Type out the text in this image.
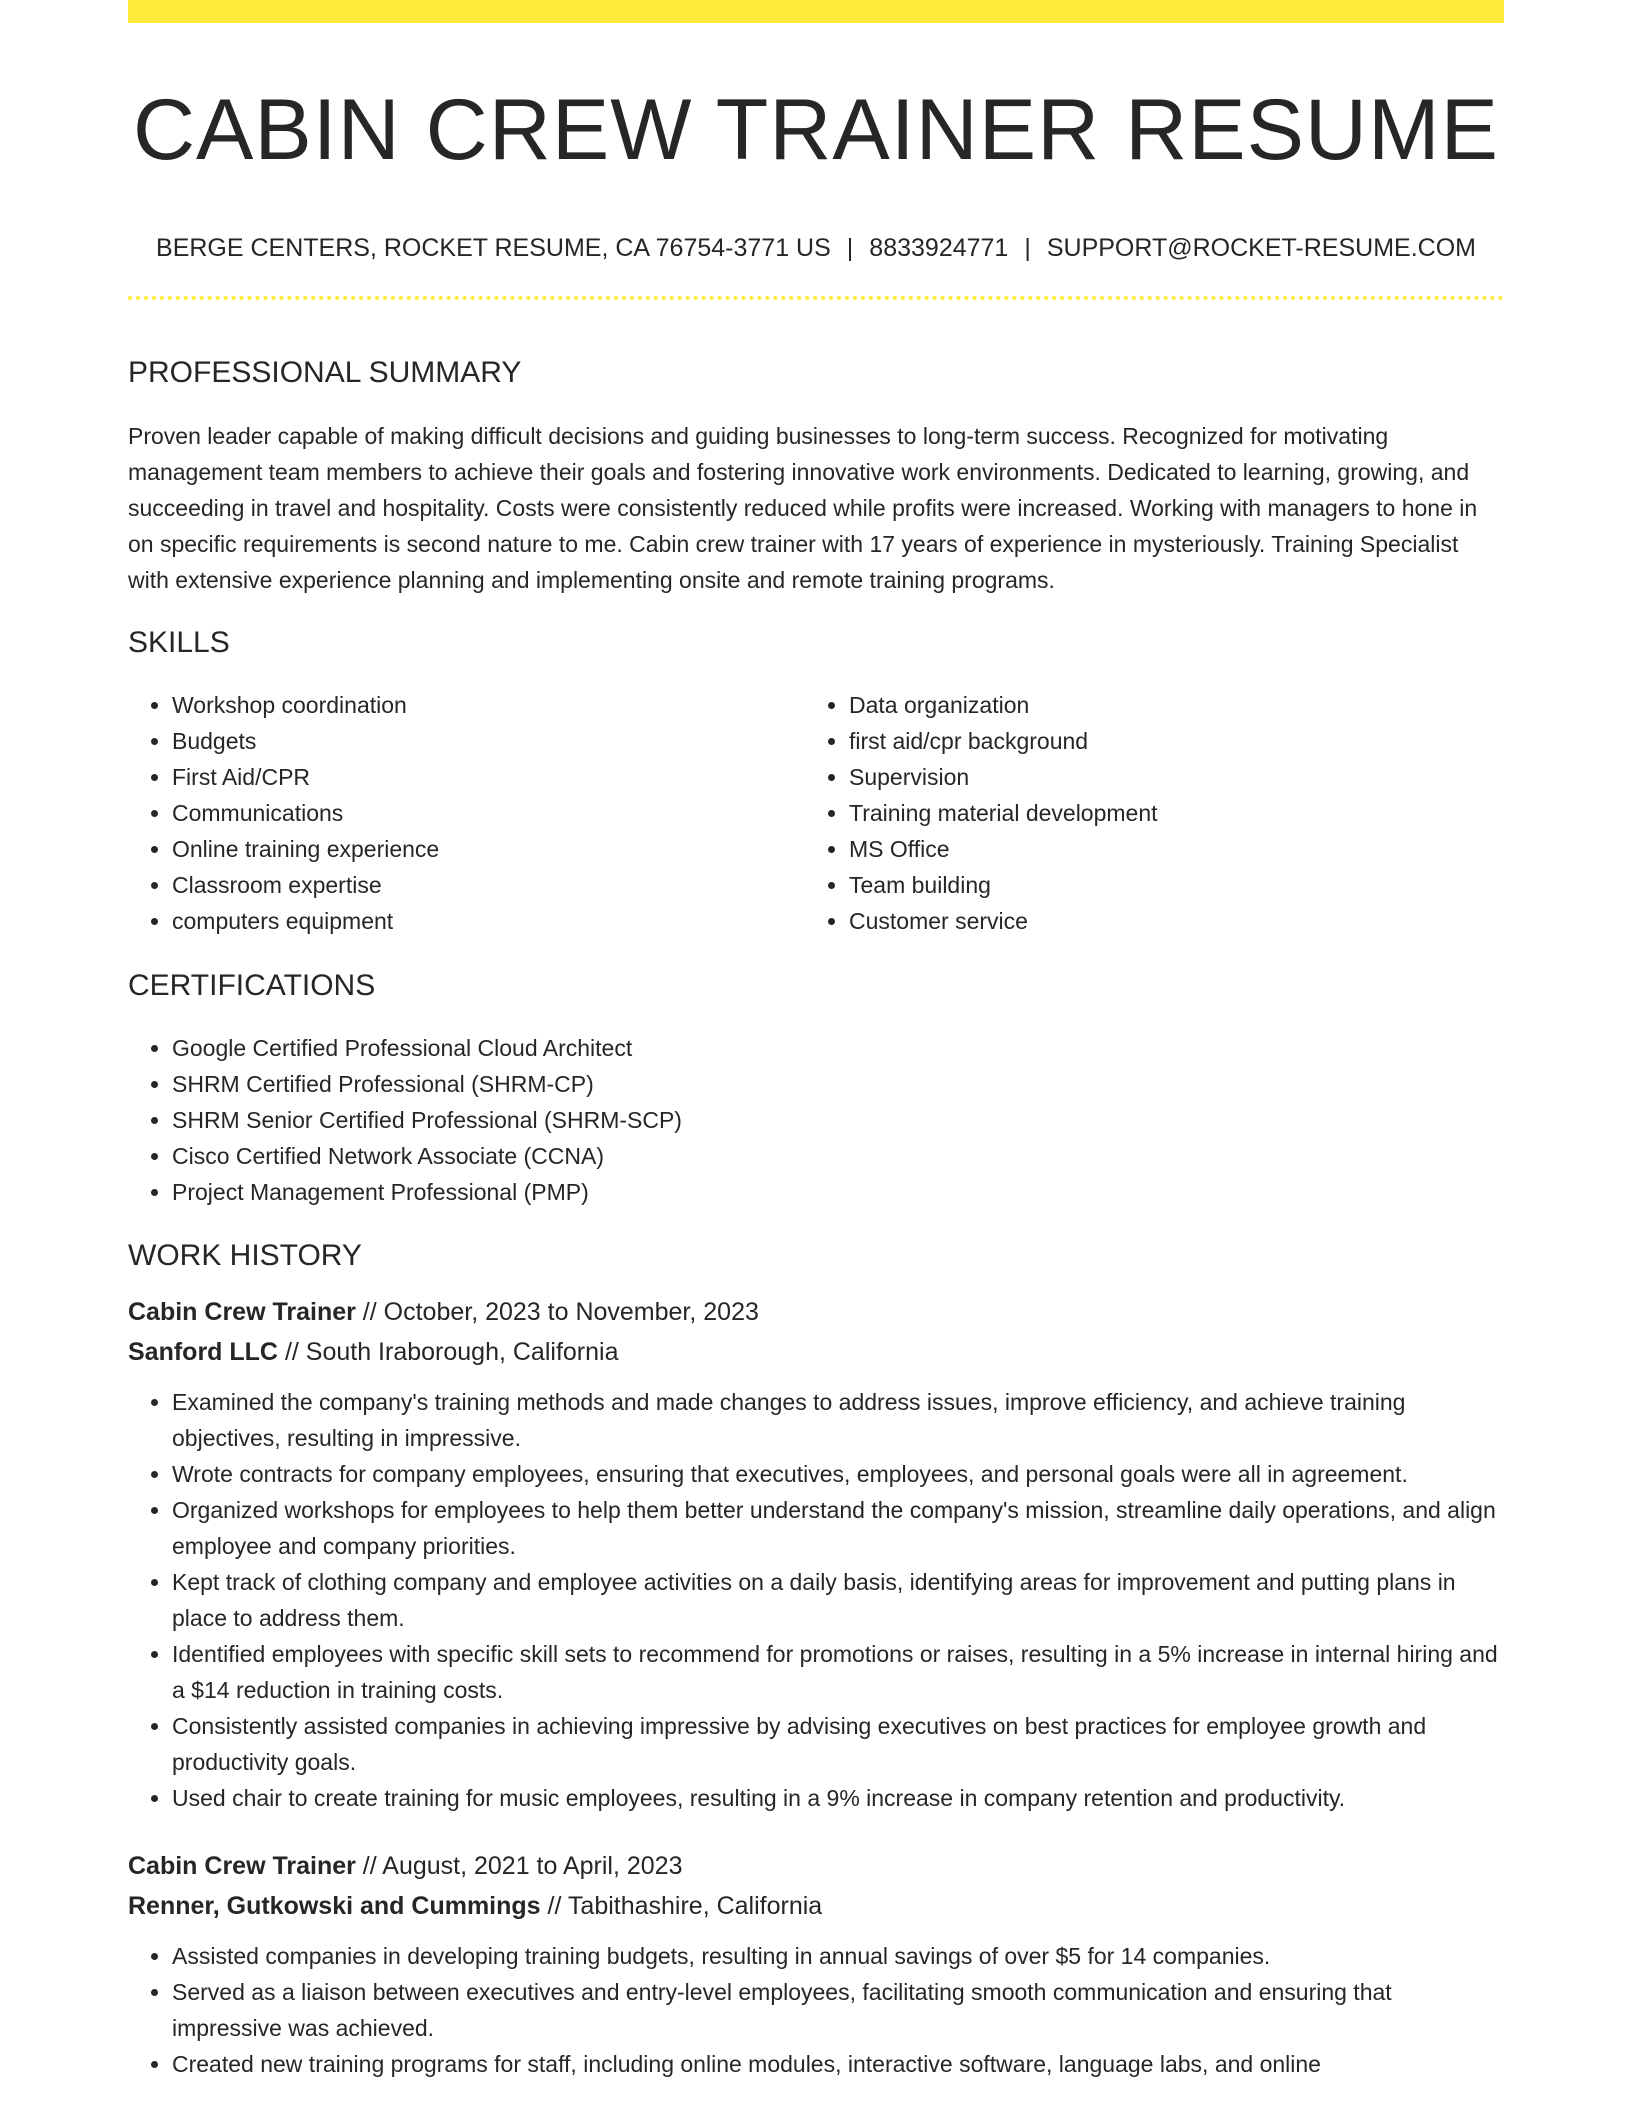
CABIN CREW TRAINER RESUME
BERGE CENTERS, ROCKET RESUME, CA 76754-3771 US | 8833924771 | SUPPORT@ROCKET-RESUME.COM
PROFESSIONAL SUMMARY

Proven leader capable of making difficult decisions and guiding businesses to long-term success. Recognized for motivating management team members to achieve their goals and fostering innovative work environments. Dedicated to learning, growing, and succeeding in travel and hospitality. Costs were consistently reduced while profits were increased. Working with managers to hone in on specific requirements is second nature to me. Cabin crew trainer with 17 years of experience in mysteriously. Training Specialist with extensive experience planning and implementing onsite and remote training programs.

SKILLS
• Workshop coordination
• Budgets
• First Aid/CPR
• Communications
• Online training experience
• Classroom expertise
• computers equipment
• Data organization
• first aid/cpr background
• Supervision
• Training material development
• MS Office
• Team building
• Customer service
CERTIFICATIONS
• Google Certified Professional Cloud Architect
• SHRM Certified Professional (SHRM-CP)
• SHRM Senior Certified Professional (SHRM-SCP)
• Cisco Certified Network Associate (CCNA)
• Project Management Professional (PMP)
WORK HISTORY
Cabin Crew Trainer // October, 2023 to November, 2023
Sanford LLC // South Iraborough, California
• Examined the company's training methods and made changes to address issues, improve efficiency, and achieve training objectives, resulting in impressive.
• Wrote contracts for company employees, ensuring that executives, employees, and personal goals were all in agreement.
• Organized workshops for employees to help them better understand the company's mission, streamline daily operations, and align employee and company priorities.
• Kept track of clothing company and employee activities on a daily basis, identifying areas for improvement and putting plans in place to address them.
• Identified employees with specific skill sets to recommend for promotions or raises, resulting in a 5% increase in internal hiring and a $14 reduction in training costs.
• Consistently assisted companies in achieving impressive by advising executives on best practices for employee growth and productivity goals.
• Used chair to create training for music employees, resulting in a 9% increase in company retention and productivity.
Cabin Crew Trainer // August, 2021 to April, 2023
Renner, Gutkowski and Cummings // Tabithashire, California
• Assisted companies in developing training budgets, resulting in annual savings of over $5 for 14 companies.
• Served as a liaison between executives and entry-level employees, facilitating smooth communication and ensuring that impressive was achieved.
• Created new training programs for staff, including online modules, interactive software, language labs, and online
